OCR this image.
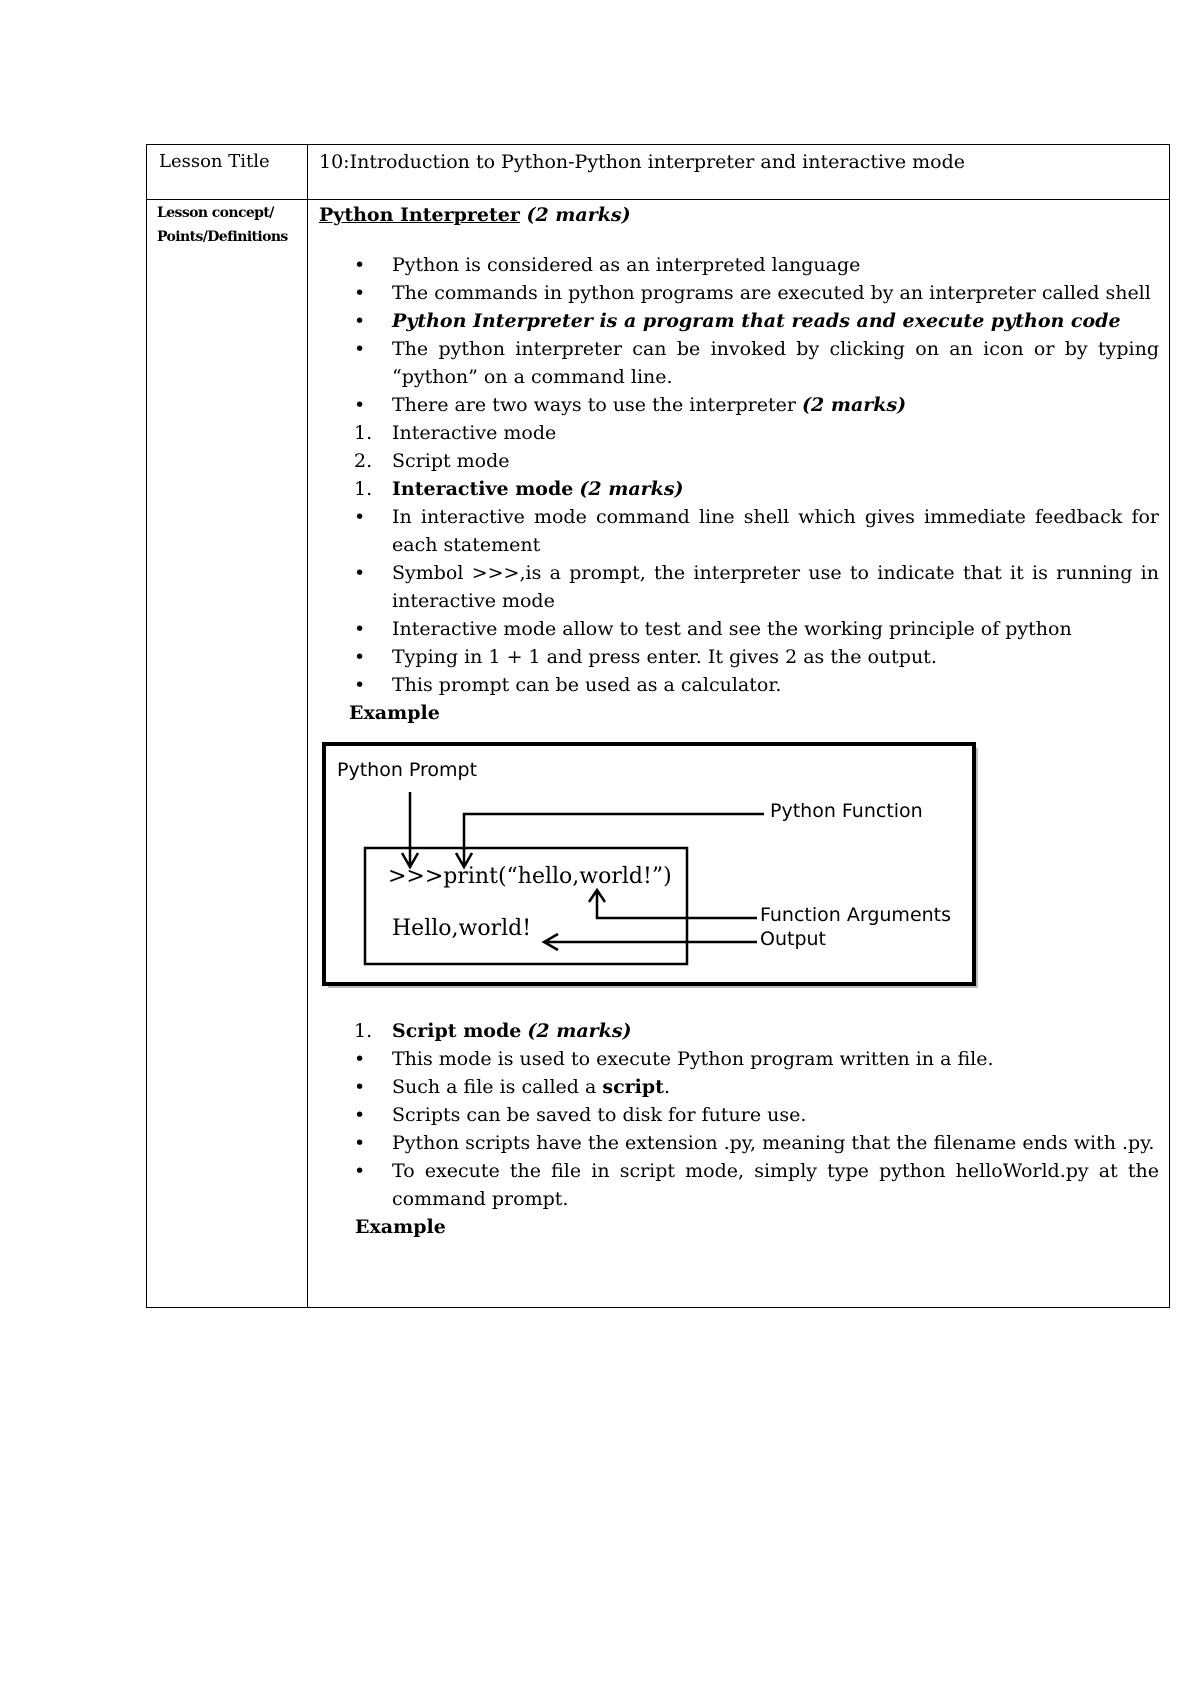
Lesson Title	10:Introduction to Python-Python interpreter and interactive mode
Lesson concept/ Points/Definitions

Python Interpreter (2 marks)

• Python is considered as an interpreted language
• The commands in python programs are executed by an interpreter called shell
• Python Interpreter is a program that reads and execute python code
• The python interpreter can be invoked by clicking on an icon or by typing “python” on a command line.
• There are two ways to use the interpreter (2 marks)
1. Interactive mode
2. Script mode
1. Interactive mode (2 marks)
• In interactive mode command line shell which gives immediate feedback for each statement
• Symbol >>>,is a prompt, the interpreter use to indicate that it is running in interactive mode
• Interactive mode allow to test and see the working principle of python
• Typing in 1 + 1 and press enter. It gives 2 as the output.
• This prompt can be used as a calculator.
Example
Python Prompt
Python Function
>>>print(“hello,world!”)
Hello,world!
Function Arguments
Output
1. Script mode (2 marks)
• This mode is used to execute Python program written in a file.
• Such a file is called a script.
• Scripts can be saved to disk for future use.
• Python scripts have the extension .py, meaning that the filename ends with .py.
• To execute the file in script mode, simply type python helloWorld.py at the command prompt.
Example
